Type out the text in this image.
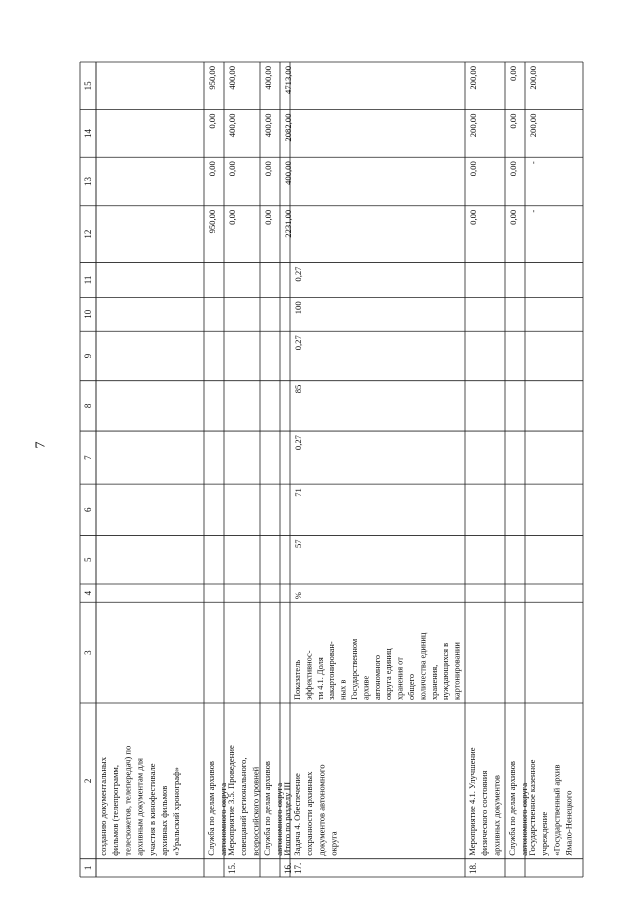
7
1
2
3
4
5
6
7
8
9
10
11
12
13
14
15
созданию документальных фильмов (телепрограмм, телесюжетов, телепередач) по архивным документам для участия в кинофестивале архивных фильмов «Уральский хронограф»	Служба по делам архивов автономного округа
950,00
0,00
0,00
950,00
15.
Мероприятие 3.5. Проведение совещаний регионального, всероссийского уровней
0,00
0,00
400,00
400,00
Служба по делам архивов автономного округа
0,00
0,00
400,00
400,00
16.
Итого по разделу III
2231,00
400,00
2082,00
4713,00
17.
Задача 4. Обеспечение сохранности архивных документов автономного округа
Показатель эффективнос- ти 4.1. Доля закартонирован- ных в Государственном архиве автономного округа единиц хранения от общего количества единиц хранения, нуждающихся в картонировании
%
57
71
0,27
85
0,27
100
0,27
18.
Мероприятие 4.1. Улучшение физического состояния архивных документов
0,00
0,00
200,00
200,00
Служба по делам архивов автономного округа
0,00
0,00
0,00
0,00
Государственное казенное учреждение «Государственный архив Ямало-Ненецкого
-
-
200,00
200,00
